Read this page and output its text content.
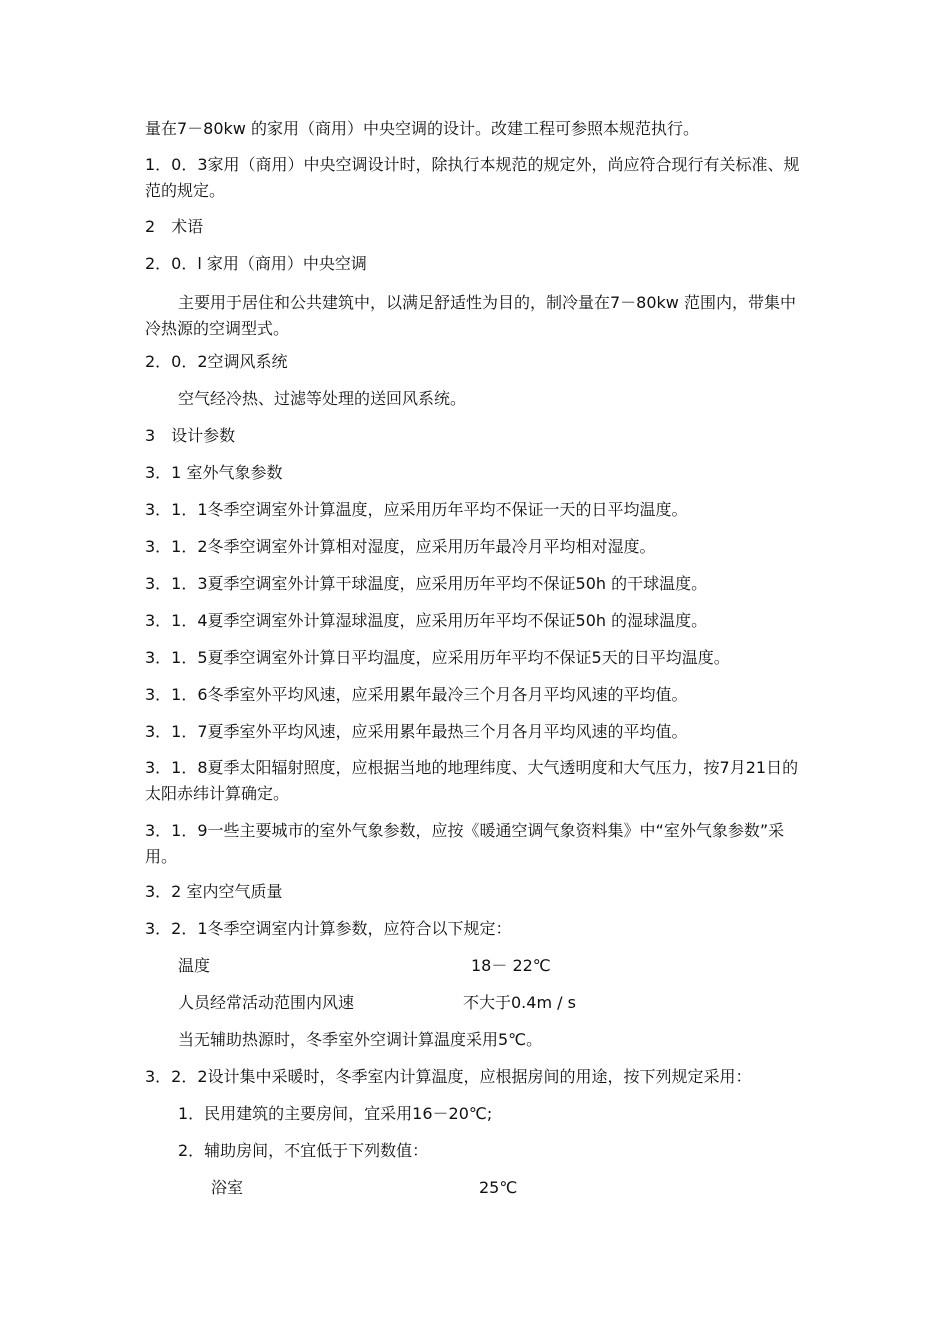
量在7－80kw 的家用（商用）中央空调的设计。改建工程可参照本规范执行。
1．0．3家用（商用）中央空调设计时，除执行本规范的规定外，尚应符合现行有关标准、规范的规定。
2　术语
2．0．l 家用（商用）中央空调
主要用于居住和公共建筑中，以满足舒适性为目的，制冷量在7－80kw 范围内，带集中冷热源的空调型式。
2．0．2空调风系统
空气经冷热、过滤等处理的送回风系统。
3　设计参数
3．1 室外气象参数
3．1．1冬季空调室外计算温度，应采用历年平均不保证一天的日平均温度。
3．1．2冬季空调室外计算相对湿度，应采用历年最冷月平均相对湿度。
3．1．3夏季空调室外计算干球温度，应采用历年平均不保证50h 的干球温度。
3．1．4夏季空调室外计算湿球温度，应采用历年平均不保证50h 的湿球温度。
3．1．5夏季空调室外计算日平均温度，应采用历年平均不保证5天的日平均温度。
3．1．6冬季室外平均风速，应采用累年最冷三个月各月平均风速的平均值。
3．1．7夏季室外平均风速，应采用累年最热三个月各月平均风速的平均值。
3．1．8夏季太阳辐射照度，应根据当地的地理纬度、大气透明度和大气压力，按7月21日的太阳赤纬计算确定。
3．1．9一些主要城市的室外气象参数，应按《暖通空调气象资料集》中“室外气象参数”采用。
3．2 室内空气质量
3．2．1冬季空调室内计算参数，应符合以下规定：
温度	18－ 22℃
人员经常活动范围内风速	不大于0.4m / s
当无辅助热源时，冬季室外空调计算温度采用5℃。
3．2．2设计集中采暖时，冬季室内计算温度，应根据房间的用途，按下列规定采用：
1．民用建筑的主要房间，宜采用16－20℃;
2．辅助房间，不宜低于下列数值：
浴室	25℃
